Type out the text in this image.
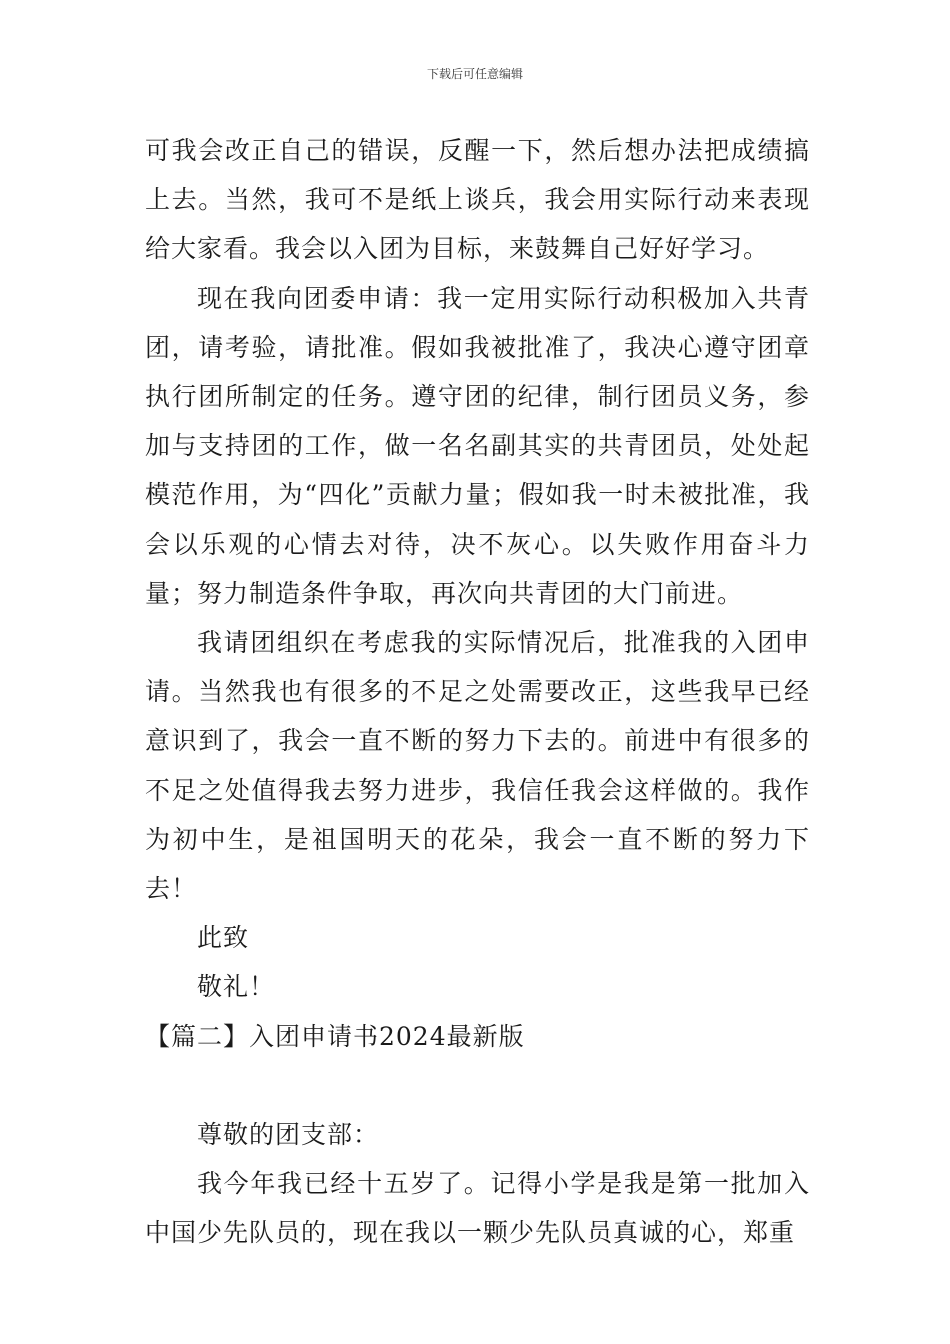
下载后可任意编辑

可我会改正自己的错误，反醒一下，然后想办法把成绩搞上去。当然，我可不是纸上谈兵，我会用实际行动来表现给大家看。我会以入团为目标，来鼓舞自己好好学习。

现在我向团委申请：我一定用实际行动积极加入共青团，请考验，请批准。假如我被批准了，我决心遵守团章执行团所制定的任务。遵守团的纪律，制行团员义务，参加与支持团的工作，做一名名副其实的共青团员，处处起模范作用，为“四化”贡献力量；假如我一时未被批准，我会以乐观的心情去对待，决不灰心。以失败作用奋斗力量；努力制造条件争取，再次向共青团的大门前进。

我请团组织在考虑我的实际情况后，批准我的入团申请。当然我也有很多的不足之处需要改正，这些我早已经意识到了，我会一直不断的努力下去的。前进中有很多的不足之处值得我去努力进步，我信任我会这样做的。我作为初中生，是祖国明天的花朵，我会一直不断的努力下去！

此致

敬礼！

【篇二】入团申请书2024最新版

尊敬的团支部：

我今年我已经十五岁了。记得小学是我是第一批加入中国少先队员的，现在我以一颗少先队员真诚的心，郑重
